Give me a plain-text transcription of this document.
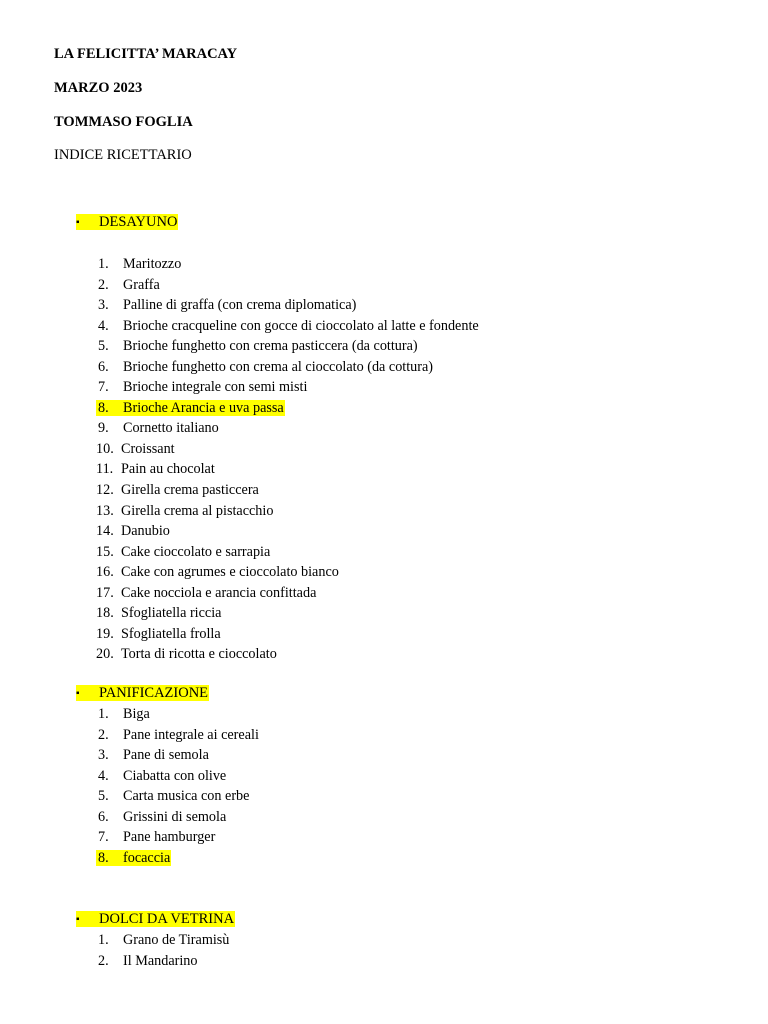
LA FELICITTA’ MARACAY

MARZO 2023

TOMMASO FOGLIA

INDICE RICETTARIO

▪ DESAYUNO

1. Maritozzo
2. Graffa
3. Palline di graffa (con crema diplomatica)
4. Brioche cracqueline con gocce di cioccolato al latte e fondente
5. Brioche funghetto con crema pasticcera (da cottura)
6. Brioche funghetto con crema al cioccolato (da cottura)
7. Brioche integrale con semi misti
8. Brioche Arancia e uva passa
9. Cornetto italiano
10. Croissant
11. Pain au chocolat
12. Girella crema pasticcera
13. Girella crema al pistacchio
14. Danubio
15. Cake cioccolato e sarrapia
16. Cake con agrumes e cioccolato bianco
17. Cake nocciola e arancia confittada
18. Sfogliatella riccia
19. Sfogliatella frolla
20. Torta di ricotta e cioccolato

▪ PANIFICAZIONE

1. Biga
2. Pane integrale ai cereali
3. Pane di semola
4. Ciabatta con olive
5. Carta musica con erbe
6. Grissini di semola
7. Pane hamburger
8. focaccia

▪ DOLCI DA VETRINA

1. Grano de Tiramisù
2. Il Mandarino
